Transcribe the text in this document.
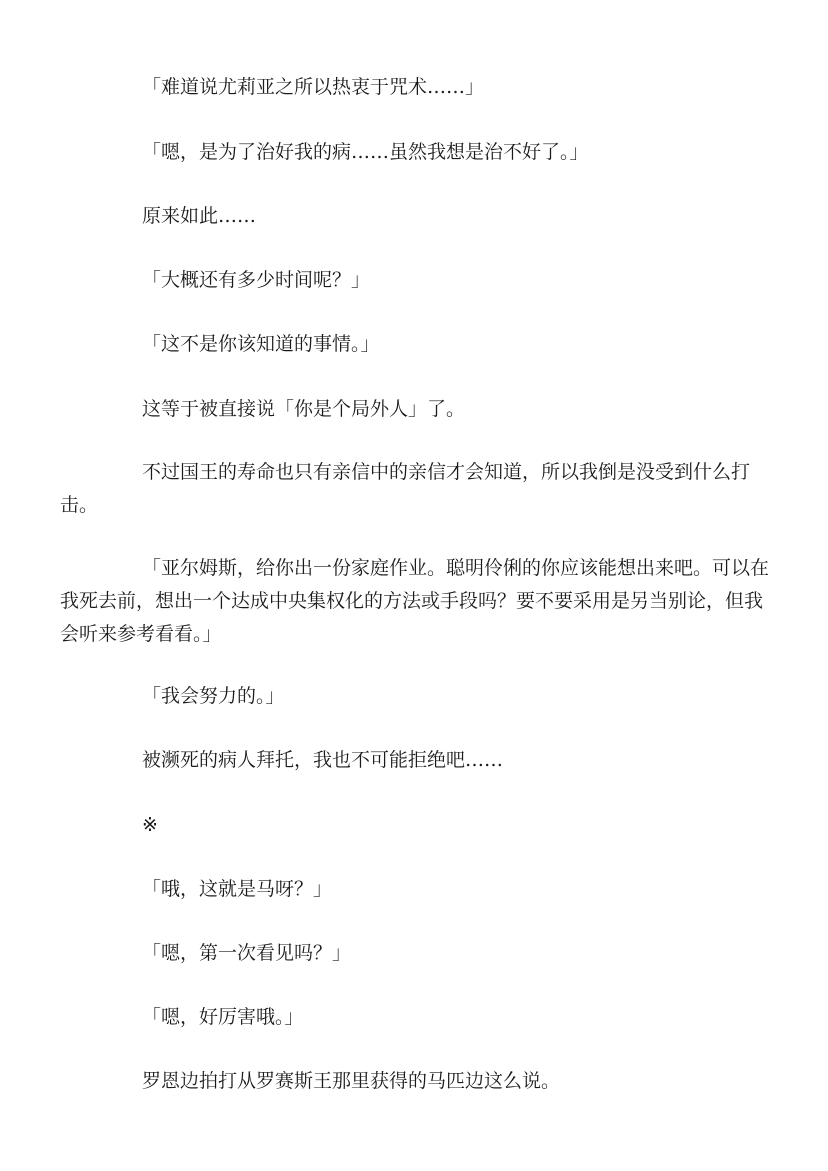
「难道说尤莉亚之所以热衷于咒术……」

「嗯，是为了治好我的病……虽然我想是治不好了。」

原来如此……

「大概还有多少时间呢？」

「这不是你该知道的事情。」

这等于被直接说「你是个局外人」了。

不过国王的寿命也只有亲信中的亲信才会知道，所以我倒是没受到什么打击。

「亚尔姆斯，给你出一份家庭作业。聪明伶俐的你应该能想出来吧。可以在我死去前，想出一个达成中央集权化的方法或手段吗？要不要采用是另当别论，但我会听来参考看看。」

「我会努力的。」

被濒死的病人拜托，我也不可能拒绝吧……

※

「哦，这就是马呀？」

「嗯，第一次看见吗？」

「嗯，好厉害哦。」

罗恩边拍打从罗赛斯王那里获得的马匹边这么说。
